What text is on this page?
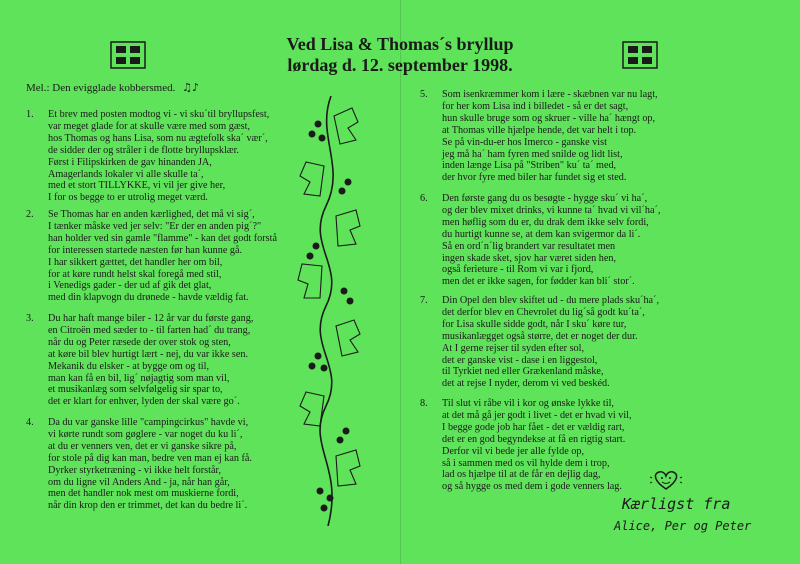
Ved Lisa & Thomas´s bryllup
lørdag d. 12. september 1998.
Mel.: Den evigglade kobbersmed. ♫♪
1. Et brev med posten modtog vi - vi sku´til bryllupsfest,
var meget glade for at skulle være med som gæst,
hos Thomas og hans Lisa, som nu ægtefolk ska´ vær´,
de sidder der og stråler i de flotte bryllupsklær.
Først i Filipskirken de gav hinanden JA,
Amagerlands lokaler vi alle skulle ta´,
med et stort TILLYKKE, vi vil jer give her,
I for os begge to er utrolig meget værd.
2. Se Thomas har en anden kærlighed, det må vi sig´,
I tænker måske ved jer selv: "Er der en anden pig´?"
han holder ved sin gamle "flamme" - kan det godt forstå
for interessen startede næsten før han kunne gå.
I har sikkert gættet, det handler her om bil,
for at køre rundt helst skal foregå med stil,
i Venedigs gader - der ud af gik det glat,
med din klapvogn du drønede - havde vældig fat.
3. Du har haft mange biler - 12 år var du første gang,
en Citroën med sæder to - til farten had´ du trang,
når du og Peter ræsede der over stok og sten,
at køre bil blev hurtigt lært - nej, du var ikke sen.
Mekanik du elsker - at bygge om og til,
man kan få en bil, lig´ nøjagtig som man vil,
et musikanlæg som selvfølgelig sir spar to,
det er klart for enhver, lyden der skal være go´.
4. Da du var ganske lille "campingcirkus" havde vi,
vi kørte rundt som gøglere - var noget du ku li´,
at du er venners ven, det er vi ganske sikre på,
for stole på dig kan man, bedre ven man ej kan få.
Dyrker styrketræning - vi ikke helt forstår,
om du ligne vil Anders And - ja, når han går,
men det handler nok mest om muskierne fordi,
når din krop den er trimmet, det kan du bedre li´.
5. Som isenkræmmer kom i lære - skæbnen var nu lagt,
for her kom Lisa ind i billedet - så er det sagt,
hun skulle bruge som og skruer - ville ha´ hængt op,
at Thomas ville hjælpe hende, det var helt i top.
Se på vin-du-er hos Imerco - ganske vist
jeg må ha´ ham fyren med snilde og lidt list,
inden længe Lisa på "Striben" ku´ ta´ med,
der hvor fyre med biler har fundet sig et sted.
6. Den første gang du os besøgte - hygge sku´ vi ha´,
og der blev mixet drinks, vi kunne ta´ hvad vi vil´ha´,
men høflig som du er, du drak dem ikke selv fordi,
du hurtigt kunne se, at dem kan svigermor da li´.
Så en ord´n´lig brandert var resultatet men
ingen skade sket, sjov har været siden hen,
også ferieture - til Rom vi var i fjord,
men det er ikke sagen, for fødder kan bli´ stor´.
7. Din Opel den blev skiftet ud - du mere plads sku´ha´,
det derfor blev en Chevrolet du lig´så godt ku´ta´,
for Lisa skulle sidde godt, når I sku´ køre tur,
musikanlægget også større, det er noget der dur.
At I gerne rejser til syden efter sol,
det er ganske vist - dase i en liggestol,
til Tyrkiet ned eller Grækenland måske,
det at rejse I nyder, derom vi ved beskéd.
8. Til slut vi råbe vil i kor og ønske lykke til,
at det må gå jer godt i livet - det er hvad vi vil,
I begge gode job har fået - det er vældig rart,
det er en god begyndekse at få en rigtig start.
Derfor vil vi bede jer alle fylde op,
så i sammen med os vil hylde dem i trop,
lad os hjælpe til at de får en dejlig dag,
og så hygge os med dem i gode venners lag.
Kærligst fra
Alice, Per og Peter
